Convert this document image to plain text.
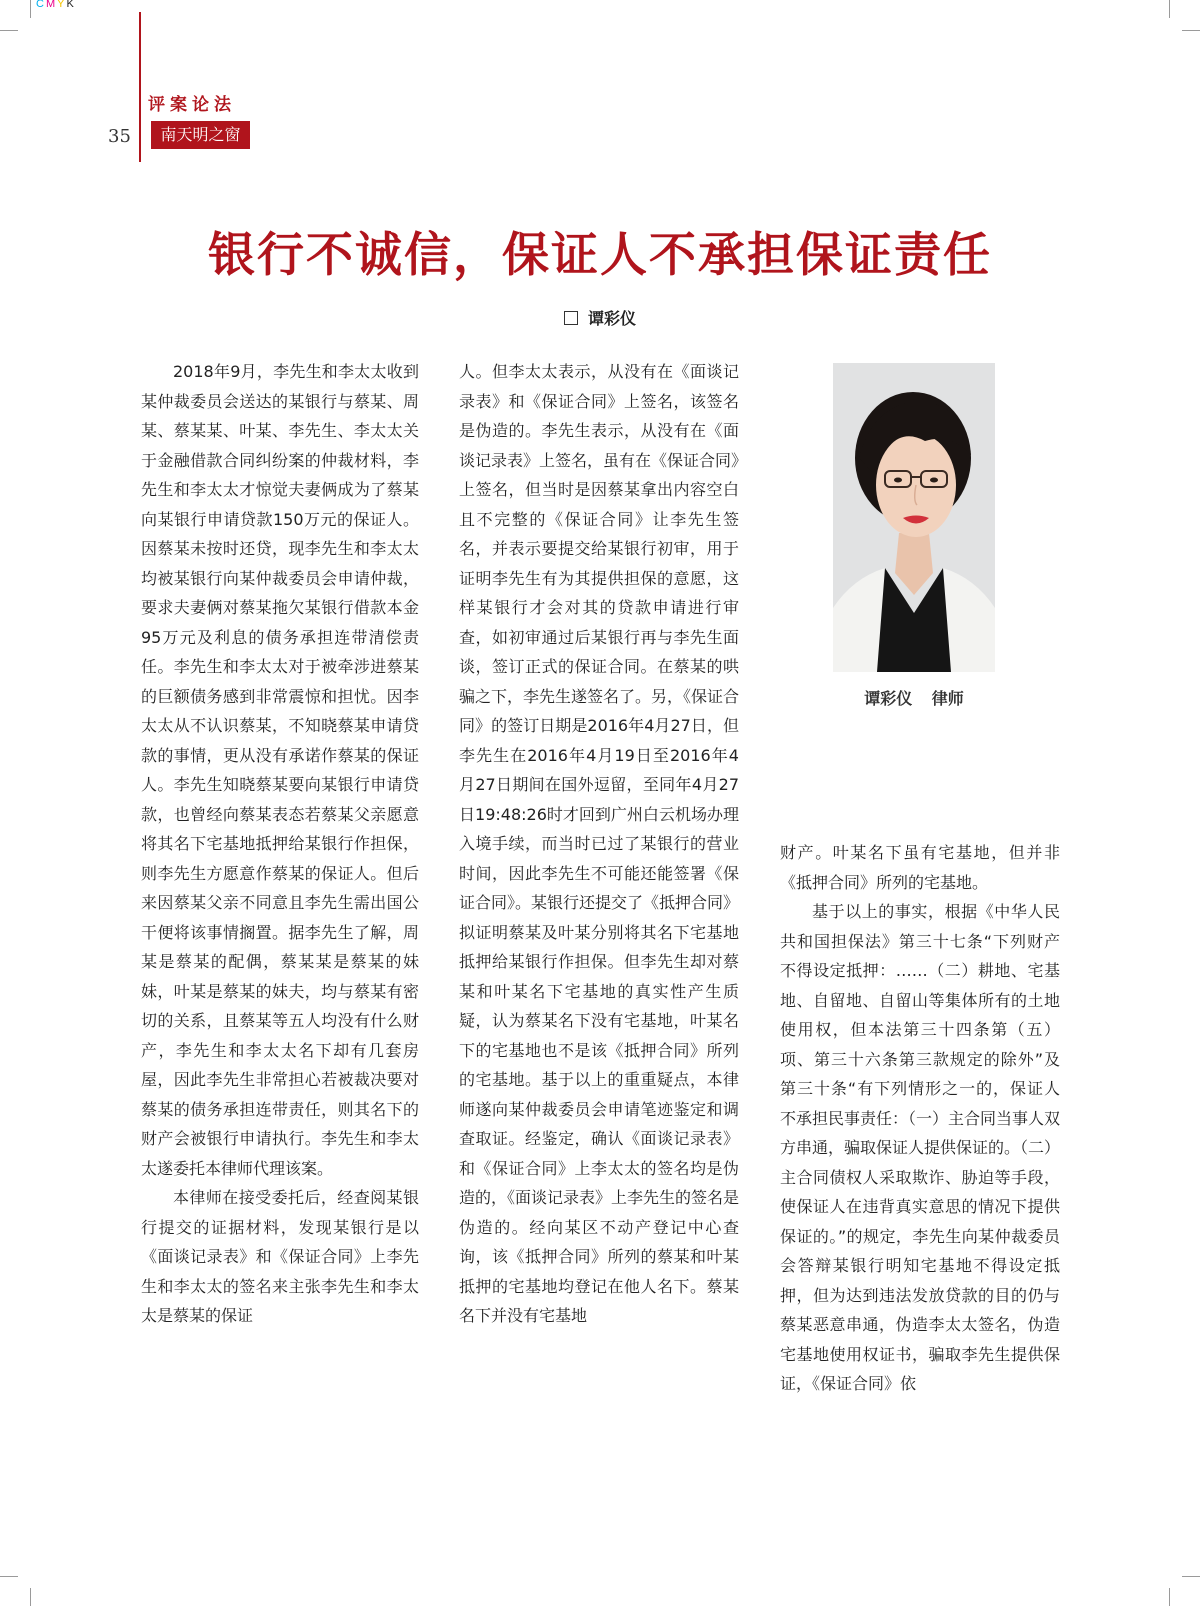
CMYK
评案论法
35	南天明之窗
银行不诚信，保证人不承担保证责任
谭彩仪

2018年9月，李先生和李太太收到某仲裁委员会送达的某银行与蔡某、周某、蔡某某、叶某、李先生、李太太关于金融借款合同纠纷案的仲裁材料，李先生和李太太才惊觉夫妻俩成为了蔡某向某银行申请贷款150万元的保证人。因蔡某未按时还贷，现李先生和李太太均被某银行向某仲裁委员会申请仲裁，要求夫妻俩对蔡某拖欠某银行借款本金95万元及利息的债务承担连带清偿责任。李先生和李太太对于被牵涉进蔡某的巨额债务感到非常震惊和担忧。因李太太从不认识蔡某，不知晓蔡某申请贷款的事情，更从没有承诺作蔡某的保证人。李先生知晓蔡某要向某银行申请贷款，也曾经向蔡某表态若蔡某父亲愿意将其名下宅基地抵押给某银行作担保，则李先生方愿意作蔡某的保证人。但后来因蔡某父亲不同意且李先生需出国公干便将该事情搁置。据李先生了解，周某是蔡某的配偶，蔡某某是蔡某的妹妹，叶某是蔡某的妹夫，均与蔡某有密切的关系，且蔡某等五人均没有什么财产，李先生和李太太名下却有几套房屋，因此李先生非常担心若被裁决要对蔡某的债务承担连带责任，则其名下的财产会被银行申请执行。李先生和李太太遂委托本律师代理该案。

本律师在接受委托后，经查阅某银行提交的证据材料，发现某银行是以《面谈记录表》和《保证合同》上李先生和李太太的签名来主张李先生和李太太是蔡某的保证

人。但李太太表示，从没有在《面谈记录表》和《保证合同》上签名，该签名是伪造的。李先生表示，从没有在《面谈记录表》上签名，虽有在《保证合同》上签名，但当时是因蔡某拿出内容空白且不完整的《保证合同》让李先生签名，并表示要提交给某银行初审，用于证明李先生有为其提供担保的意愿，这样某银行才会对其的贷款申请进行审查，如初审通过后某银行再与李先生面谈，签订正式的保证合同。在蔡某的哄骗之下，李先生遂签名了。另，《保证合同》的签订日期是2016年4月27日，但李先生在2016年4月19日至2016年4月27日期间在国外逗留，至同年4月27日19:48:26时才回到广州白云机场办理入境手续，而当时已过了某银行的营业时间，因此李先生不可能还能签署《保证合同》。某银行还提交了《抵押合同》拟证明蔡某及叶某分别将其名下宅基地抵押给某银行作担保。但李先生却对蔡某和叶某名下宅基地的真实性产生质疑，认为蔡某名下没有宅基地，叶某名下的宅基地也不是该《抵押合同》所列的宅基地。基于以上的重重疑点，本律师遂向某仲裁委员会申请笔迹鉴定和调查取证。经鉴定，确认《面谈记录表》和《保证合同》上李太太的签名均是伪造的，《面谈记录表》上李先生的签名是伪造的。经向某区不动产登记中心查询，该《抵押合同》所列的蔡某和叶某抵押的宅基地均登记在他人名下。蔡某名下并没有宅基地

财产。叶某名下虽有宅基地，但并非《抵押合同》所列的宅基地。

基于以上的事实，根据《中华人民共和国担保法》第三十七条“下列财产不得设定抵押：……（二）耕地、宅基地、自留地、自留山等集体所有的土地使用权，但本法第三十四条第（五）项、第三十六条第三款规定的除外”及第三十条“有下列情形之一的，保证人不承担民事责任：（一）主合同当事人双方串通，骗取保证人提供保证的。（二）主合同债权人采取欺诈、胁迫等手段，使保证人在违背真实意思的情况下提供保证的。”的规定，李先生向某仲裁委员会答辩某银行明知宅基地不得设定抵押，但为达到违法发放贷款的目的仍与蔡某恶意串通，伪造李太太签名，伪造宅基地使用权证书，骗取李先生提供保证，《保证合同》依

谭彩仪 律师
